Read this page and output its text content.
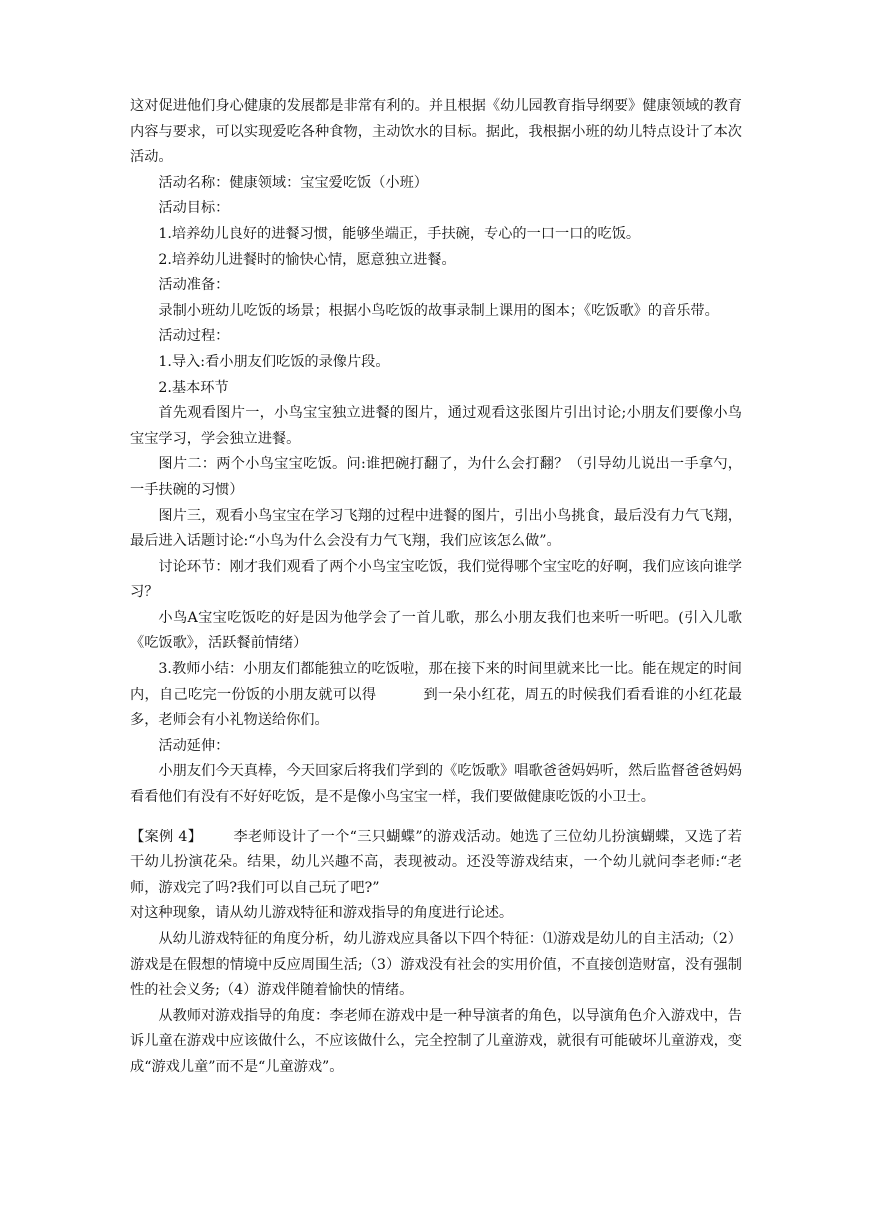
这对促进他们身心健康的发展都是非常有利的。并且根据《幼儿园教育指导纲要》健康领域的教育内容与要求，可以实现爱吃各种食物，主动饮水的目标。据此，我根据小班的幼儿特点设计了本次活动。

活动名称：健康领域：宝宝爱吃饭（小班）

活动目标：

1.培养幼儿良好的进餐习惯，能够坐端正，手扶碗，专心的一口一口的吃饭。

2.培养幼儿进餐时的愉快心情，愿意独立进餐。

活动准备：

录制小班幼儿吃饭的场景；根据小鸟吃饭的故事录制上课用的图本；《吃饭歌》的音乐带。

活动过程：

1.导入:看小朋友们吃饭的录像片段。

2.基本环节

首先观看图片一，小鸟宝宝独立进餐的图片，通过观看这张图片引出讨论;小朋友们要像小鸟宝宝学习，学会独立进餐。

图片二：两个小鸟宝宝吃饭。问:谁把碗打翻了，为什么会打翻？（引导幼儿说出一手拿勺，一手扶碗的习惯）

图片三，观看小鸟宝宝在学习飞翔的过程中进餐的图片，引出小鸟挑食，最后没有力气飞翔，最后进入话题讨论:“小鸟为什么会没有力气飞翔，我们应该怎么做”。

讨论环节：刚才我们观看了两个小鸟宝宝吃饭，我们觉得哪个宝宝吃的好啊，我们应该向谁学习？

小鸟A宝宝吃饭吃的好是因为他学会了一首儿歌，那么小朋友我们也来听一听吧。(引入儿歌《吃饭歌》，活跃餐前情绪）

3.教师小结：小朋友们都能独立的吃饭啦，那在接下来的时间里就来比一比。能在规定的时间内，自己吃完一份饭的小朋友就可以得	到一朵小红花，周五的时候我们看看谁的小红花最多，老师会有小礼物送给你们。

活动延伸：

小朋友们今天真棒，今天回家后将我们学到的《吃饭歌》唱歌爸爸妈妈听，然后监督爸爸妈妈看看他们有没有不好好吃饭，是不是像小鸟宝宝一样，我们要做健康吃饭的小卫士。

【案例 4】 李老师设计了一个“三只蝴蝶”的游戏活动。她选了三位幼儿扮演蝴蝶，又选了若干幼儿扮演花朵。结果，幼儿兴趣不高，表现被动。还没等游戏结束，一个幼儿就问李老师:“老师，游戏完了吗?我们可以自己玩了吧?”

对这种现象，请从幼儿游戏特征和游戏指导的角度进行论述。

从幼儿游戏特征的角度分析，幼儿游戏应具备以下四个特征：⑴游戏是幼儿的自主活动;（2）游戏是在假想的情境中反应周围生活;（3）游戏没有社会的实用价值，不直接创造财富，没有强制性的社会义务;（4）游戏伴随着愉快的情绪。

从教师对游戏指导的角度：李老师在游戏中是一种导演者的角色，以导演角色介入游戏中，告诉儿童在游戏中应该做什么，不应该做什么，完全控制了儿童游戏，就很有可能破坏儿童游戏，变成“游戏儿童”而不是“儿童游戏”。
